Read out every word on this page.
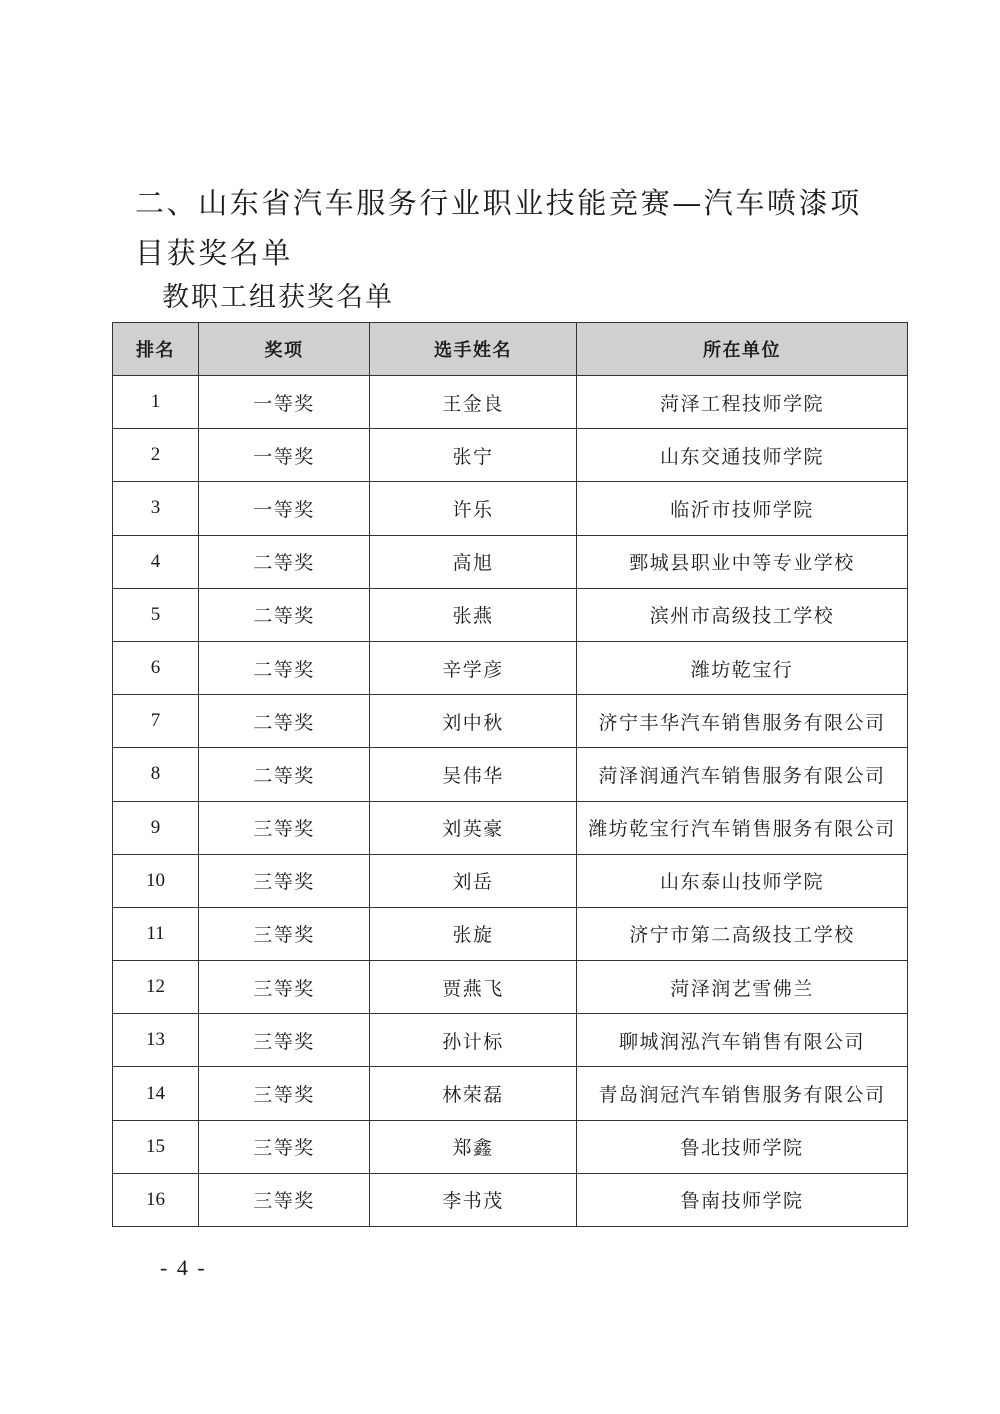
二、山东省汽车服务行业职业技能竞赛—汽车喷漆项目获奖名单
教职工组获奖名单
排名	奖项	选手姓名	所在单位
1	一等奖	王金良	菏泽工程技师学院
2	一等奖	张宁	山东交通技师学院
3	一等奖	许乐	临沂市技师学院
4	二等奖	高旭	鄄城县职业中等专业学校
5	二等奖	张燕	滨州市高级技工学校
6	二等奖	辛学彦	潍坊乾宝行
7	二等奖	刘中秋	济宁丰华汽车销售服务有限公司
8	二等奖	吴伟华	菏泽润通汽车销售服务有限公司
9	三等奖	刘英豪	潍坊乾宝行汽车销售服务有限公司
10	三等奖	刘岳	山东泰山技师学院
11	三等奖	张旋	济宁市第二高级技工学校
12	三等奖	贾燕飞	菏泽润艺雪佛兰
13	三等奖	孙计标	聊城润泓汽车销售有限公司
14	三等奖	林荣磊	青岛润冠汽车销售服务有限公司
15	三等奖	郑鑫	鲁北技师学院
16	三等奖	李书茂	鲁南技师学院
- 4 -
